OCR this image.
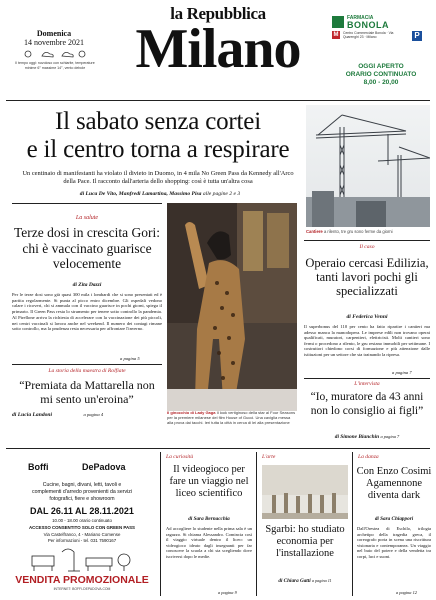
la Repubblica
Milano
Domenica
14 novembre 2021
Il tempo oggi: nuvoloso con schiarite, temperature minime 6° massime 14°, vento debole
FARMACIA
BONOLA
M	Centro Commerciale Bonola · Via Quarenghi 23 · Milano	P
OGGI APERTO
ORARIO CONTINUATO
8,00 - 20,00
Il sabato senza cortei
e il centro torna a respirare
Un centinaio di manifestanti ha violato il divieto in Duomo, in 4 mila No Green Pass da Kennedy all'Arco della Pace. Il racconto dall'arteria dello shopping: così è tutta un'altra cosa
di Luca De Vito, Manfredi Lamartina, Massimo Pisa alle pagine 2 e 3
Cantiere a rilento, tre gru sono ferme da giorni
La salute
Terze dosi in crescita Gori: chi è vaccinato guarisce velocemente
di Zita Dazzi
Per le terze dosi sono già quasi 300 mila i lombardi che si sono presentati ed è partita regolarmente. Si punta al picco entro dicembre. Gli ospedali vedono calare i ricoveri, chi si ammala con il vaccino guarisce in pochi giorni, spiega il primario. Il Green Pass resta lo strumento per tenere sotto controllo la pandemia. Al Pirellone arriva la richiesta di accelerare con la vaccinazione dei più piccoli, nei centri vaccinali si lavora anche nel weekend. Il numero dei contagi rimane sotto controllo, ma la prudenza resta necessaria per affrontare l'inverno.
a pagina 5
La storia della maestra di Rolfiate
“Premiata da Mattarella non mi sento un'eroina”
di Lucia Landoni	a pagina 4	Il ginocchio di Lady Gaga Il look vertiginoso della star al Four Seasons per la premiere milanese del film House of Gucci. Una caviglia messa alla prova dai tacchi. Ieri tutta la città in cerca di lei alla presentazione
Il caso
Operaio cercasi Edilizia, tanti lavori pochi gli specializzati
di Federica Venni
Il superbonus del 110 per cento ha fatto ripartire i cantieri ma adesso manca la manodopera. Le imprese edili non trovano operai qualificati, muratori, carpentieri, elettricisti. Molti cantieri sono fermi o procedono a rilento, le gru restano immobili per settimane. I costruttori chiedono corsi di formazione e più attenzione dalle istituzioni per un settore che sta trainando la ripresa.
a pagina 7
L'intervista
“Io, muratore da 43 anni non lo consiglio ai figli”
di Simone Bianchin a pagina 7
Boffi	DePadova
Cucine, bagni, divani, letti, tavoli e
complementi d'arredo provenienti da servizi
fotografici, fiere e showroom
DAL 26.11 AL 28.11.2021
10.00 - 18.00 orario continuato
ACCESSO CONSENTITO SOLO CON GREEN PASS
Via Castelfranco, 4 - Mariano Comense
Per informazioni - tel. 031 7590167
VENDITA PROMOZIONALE
INTERNET: BOFFI-DEPADOVA.COM
La curiosità
Il videogioco per fare un viaggio nel liceo scientifico
di Sara Bernacchia
Ad accogliere lo studente nella prima sala è un ragazzo. Si chiama Alessandro. Comincia così il viaggio virtuale dentro il liceo: un videogioco ideato dagli insegnanti per far conoscere la scuola a chi sta scegliendo dove iscriversi dopo le medie.
a pagina 9
L'arte
Sgarbi: ho studiato economia per l'installazione
di Chiara Gatti a pagina 11
La danza
Con Enzo Cosimi Agamennone diventa dark
di Sara Chiappori
Dall'Orestea di Eschilo, trilogia archetipo della tragedia greca, il coreografo porta in scena una riscrittura visionaria e contemporanea. Un viaggio nel buio del potere e della vendetta tra corpi, luci e suoni.
a pagina 12
